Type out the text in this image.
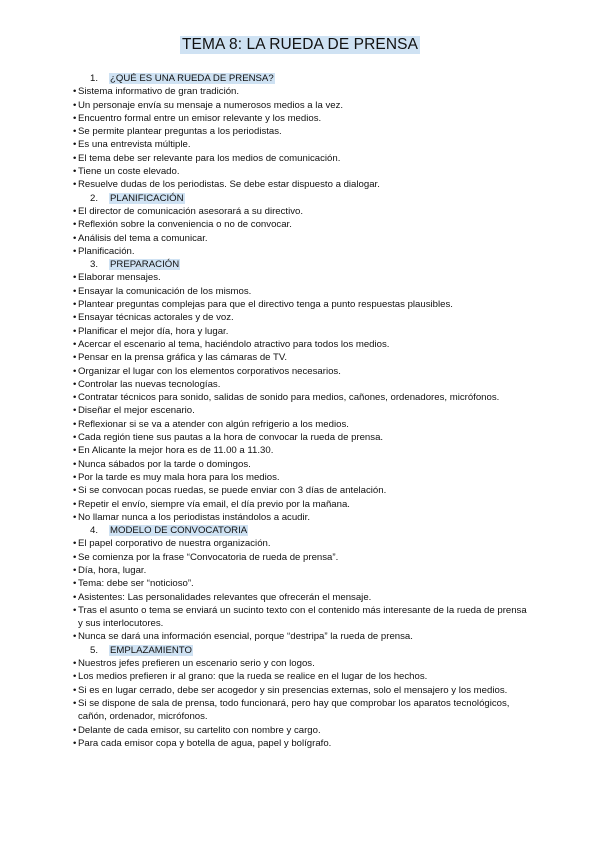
TEMA 8: LA RUEDA DE PRENSA
1. ¿QUÉ ES UNA RUEDA DE PRENSA?
• Sistema informativo de gran tradición.
• Un personaje envía su mensaje a numerosos medios a la vez.
• Encuentro formal entre un emisor relevante y los medios.
• Se permite plantear preguntas a los periodistas.
• Es una entrevista múltiple.
• El tema debe ser relevante para los medios de comunicación.
• Tiene un coste elevado.
• Resuelve dudas de los periodistas. Se debe estar dispuesto a dialogar.
2. PLANIFICACIÓN
• El director de comunicación asesorará a su directivo.
• Reflexión sobre la conveniencia o no de convocar.
• Análisis del tema a comunicar.
• Planificación.
3. PREPARACIÓN
• Elaborar mensajes.
• Ensayar la comunicación de los mismos.
• Plantear preguntas complejas para que el directivo tenga a punto respuestas plausibles.
• Ensayar técnicas actorales y de voz.
• Planificar el mejor día, hora y lugar.
• Acercar el escenario al tema, haciéndolo atractivo para todos los medios.
• Pensar en la prensa gráfica y las cámaras de TV.
• Organizar el lugar con los elementos corporativos necesarios.
• Controlar las nuevas tecnologías.
• Contratar técnicos para sonido, salidas de sonido para medios, cañones, ordenadores, micrófonos.
• Diseñar el mejor escenario.
• Reflexionar si se va a atender con algún refrigerio a los medios.
• Cada región tiene sus pautas a la hora de convocar la rueda de prensa.
• En Alicante la mejor hora es de 11.00 a 11.30.
• Nunca sábados por la tarde o domingos.
• Por la tarde es muy mala hora para los medios.
• Si se convocan pocas ruedas, se puede enviar con 3 días de antelación.
• Repetir el envío, siempre vía email, el día previo por la mañana.
• No llamar nunca a los periodistas instándolos a acudir.
4. MODELO DE CONVOCATORIA
• El papel corporativo de nuestra organización.
• Se comienza por la frase “Convocatoria de rueda de prensa”.
• Día, hora, lugar.
• Tema: debe ser “noticioso”.
• Asistentes: Las personalidades relevantes que ofrecerán el mensaje.
• Tras el asunto o tema se enviará un sucinto texto con el contenido más interesante de la rueda de prensa y sus interlocutores.
• Nunca se dará una información esencial, porque “destripa” la rueda de prensa.
5. EMPLAZAMIENTO
• Nuestros jefes prefieren un escenario serio y con logos.
• Los medios prefieren ir al grano: que la rueda se realice en el lugar de los hechos.
• Si es en lugar cerrado, debe ser acogedor y sin presencias externas, solo el mensajero y los medios.
• Si se dispone de sala de prensa, todo funcionará, pero hay que comprobar los aparatos tecnológicos, cañón, ordenador, micrófonos.
• Delante de cada emisor, su cartelito con nombre y cargo.
• Para cada emisor copa y botella de agua, papel y bolígrafo.
